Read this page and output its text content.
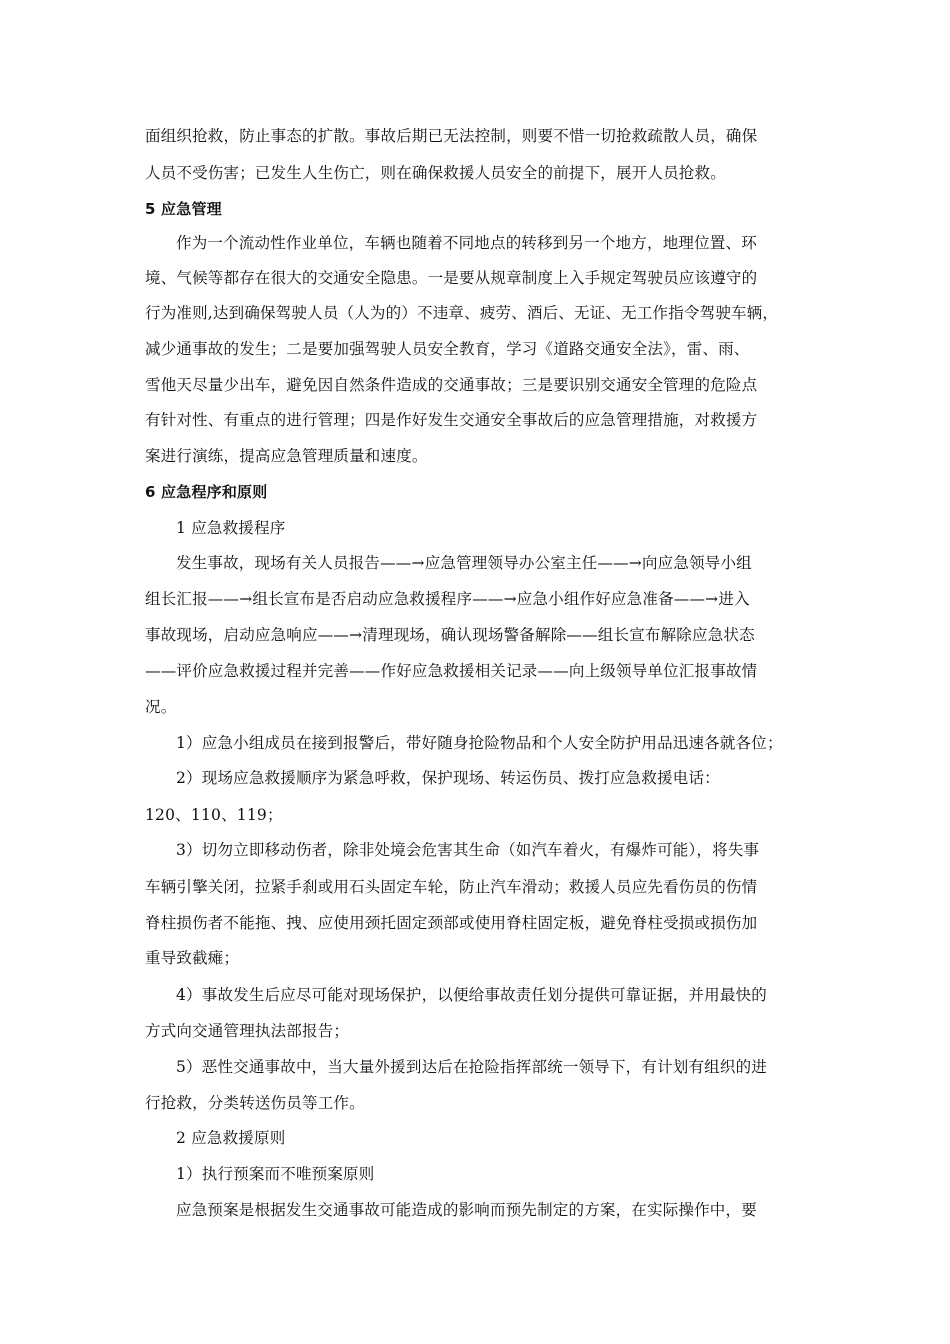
面组织抢救，防止事态的扩散。事故后期已无法控制，则要不惜一切抢救疏散人员，确保
人员不受伤害；已发生人生伤亡，则在确保救援人员安全的前提下，展开人员抢救。
5 应急管理
作为一个流动性作业单位，车辆也随着不同地点的转移到另一个地方，地理位置、环
境、气候等都存在很大的交通安全隐患。一是要从规章制度上入手规定驾驶员应该遵守的
行为准则,达到确保驾驶人员（人为的）不违章、疲劳、酒后、无证、无工作指令驾驶车辆，
减少通事故的发生；二是要加强驾驶人员安全教育，学习《道路交通安全法》，雷、雨、
雪他天尽量少出车，避免因自然条件造成的交通事故；三是要识别交通安全管理的危险点
有针对性、有重点的进行管理；四是作好发生交通安全事故后的应急管理措施，对救援方
案进行演练，提高应急管理质量和速度。
6 应急程序和原则
1 应急救援程序
发生事故，现场有关人员报告——→应急管理领导办公室主任——→向应急领导小组
组长汇报——→组长宣布是否启动应急救援程序——→应急小组作好应急准备——→进入
事故现场，启动应急响应——→清理现场，确认现场警备解除——组长宣布解除应急状态
——评价应急救援过程并完善——作好应急救援相关记录——向上级领导单位汇报事故情
况。
1）应急小组成员在接到报警后，带好随身抢险物品和个人安全防护用品迅速各就各位；
2）现场应急救援顺序为紧急呼救，保护现场、转运伤员、拨打应急救援电话：
120、110、119；
3）切勿立即移动伤者，除非处境会危害其生命（如汽车着火，有爆炸可能），将失事
车辆引擎关闭，拉紧手刹或用石头固定车轮，防止汽车滑动；救援人员应先看伤员的伤情
脊柱损伤者不能拖、拽、应使用颈托固定颈部或使用脊柱固定板，避免脊柱受损或损伤加
重导致截瘫；
4）事故发生后应尽可能对现场保护，以便给事故责任划分提供可靠证据，并用最快的
方式向交通管理执法部报告；
5）恶性交通事故中，当大量外援到达后在抢险指挥部统一领导下，有计划有组织的进
行抢救，分类转送伤员等工作。
2 应急救援原则
1）执行预案而不唯预案原则
应急预案是根据发生交通事故可能造成的影响而预先制定的方案，在实际操作中，要
